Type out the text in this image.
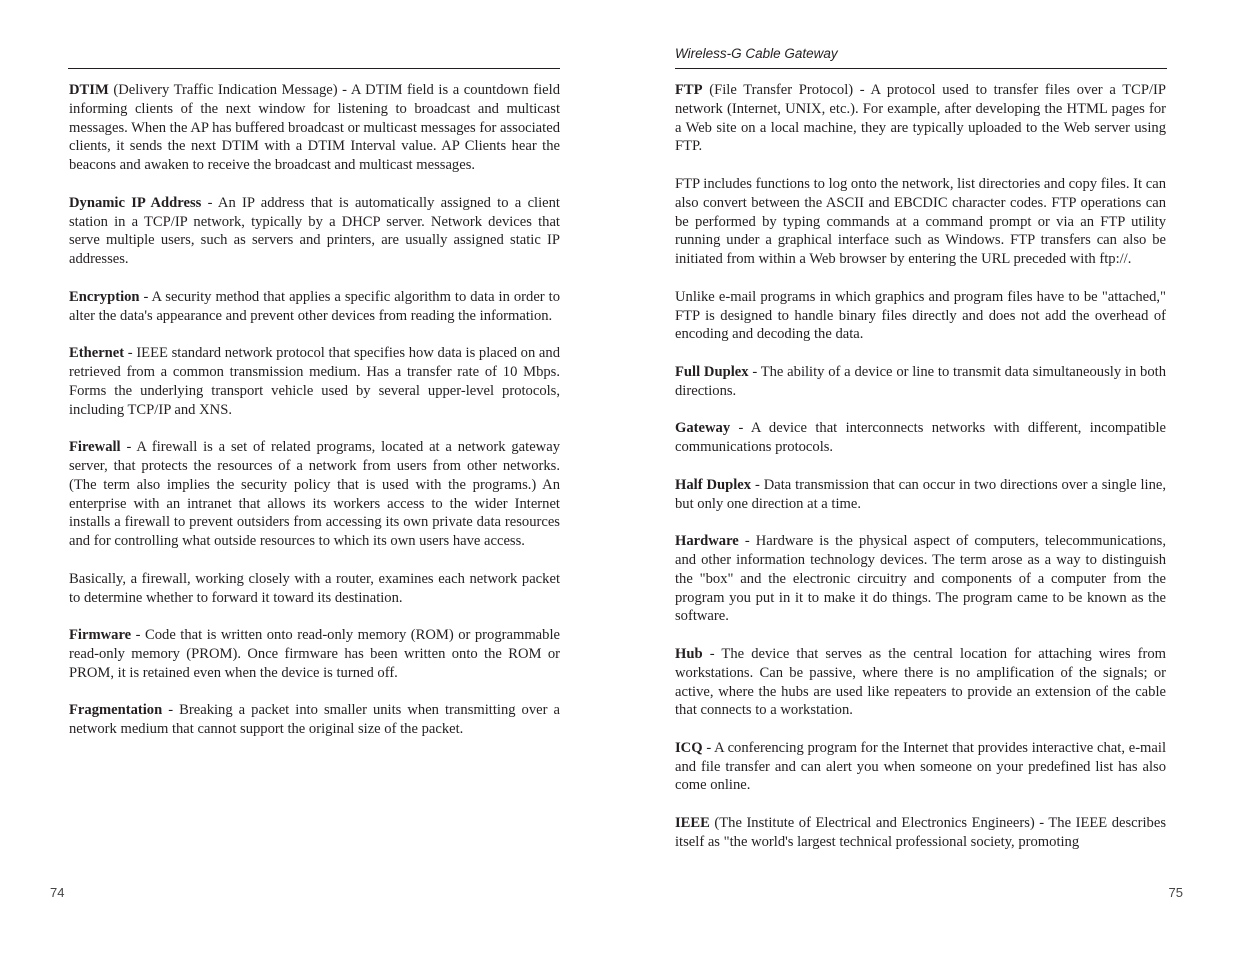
DTIM (Delivery Traffic Indication Message) - A DTIM field is a countdown field informing clients of the next window for listening to broadcast and multicast messages. When the AP has buffered broadcast or multicast messages for associated clients, it sends the next DTIM with a DTIM Interval value. AP Clients hear the beacons and awaken to receive the broadcast and multicast messages.

Dynamic IP Address - An IP address that is automatically assigned to a client station in a TCP/IP network, typically by a DHCP server. Network devices that serve multiple users, such as servers and printers, are usually assigned static IP addresses.

Encryption - A security method that applies a specific algorithm to data in order to alter the data's appearance and prevent other devices from reading the information.

Ethernet - IEEE standard network protocol that specifies how data is placed on and retrieved from a common transmission medium. Has a transfer rate of 10 Mbps. Forms the underlying transport vehicle used by several upper-level protocols, including TCP/IP and XNS.

Firewall - A firewall is a set of related programs, located at a network gateway server, that protects the resources of a network from users from other networks. (The term also implies the security policy that is used with the programs.) An enterprise with an intranet that allows its workers access to the wider Internet installs a firewall to prevent outsiders from accessing its own private data resources and for controlling what outside resources to which its own users have access.

Basically, a firewall, working closely with a router, examines each network packet to determine whether to forward it toward its destination.

Firmware - Code that is written onto read-only memory (ROM) or programmable read-only memory (PROM). Once firmware has been written onto the ROM or PROM, it is retained even when the device is turned off.

Fragmentation - Breaking a packet into smaller units when transmitting over a network medium that cannot support the original size of the packet.

74
Wireless-G Cable Gateway

FTP (File Transfer Protocol) - A protocol used to transfer files over a TCP/IP network (Internet, UNIX, etc.). For example, after developing the HTML pages for a Web site on a local machine, they are typically uploaded to the Web server using FTP.

FTP includes functions to log onto the network, list directories and copy files. It can also convert between the ASCII and EBCDIC character codes. FTP operations can be performed by typing commands at a command prompt or via an FTP utility running under a graphical interface such as Windows. FTP transfers can also be initiated from within a Web browser by entering the URL preceded with ftp://.

Unlike e-mail programs in which graphics and program files have to be "attached," FTP is designed to handle binary files directly and does not add the overhead of encoding and decoding the data.

Full Duplex - The ability of a device or line to transmit data simultaneously in both directions.

Gateway - A device that interconnects networks with different, incompatible communications protocols.

Half Duplex - Data transmission that can occur in two directions over a single line, but only one direction at a time.

Hardware - Hardware is the physical aspect of computers, telecommunications, and other information technology devices. The term arose as a way to distinguish the "box" and the electronic circuitry and components of a computer from the program you put in it to make it do things. The program came to be known as the software.

Hub - The device that serves as the central location for attaching wires from workstations. Can be passive, where there is no amplification of the signals; or active, where the hubs are used like repeaters to provide an extension of the cable that connects to a workstation.

ICQ - A conferencing program for the Internet that provides interactive chat, e-mail and file transfer and can alert you when someone on your predefined list has also come online.

IEEE (The Institute of Electrical and Electronics Engineers) - The IEEE describes itself as "the world's largest technical professional society, promoting

75
